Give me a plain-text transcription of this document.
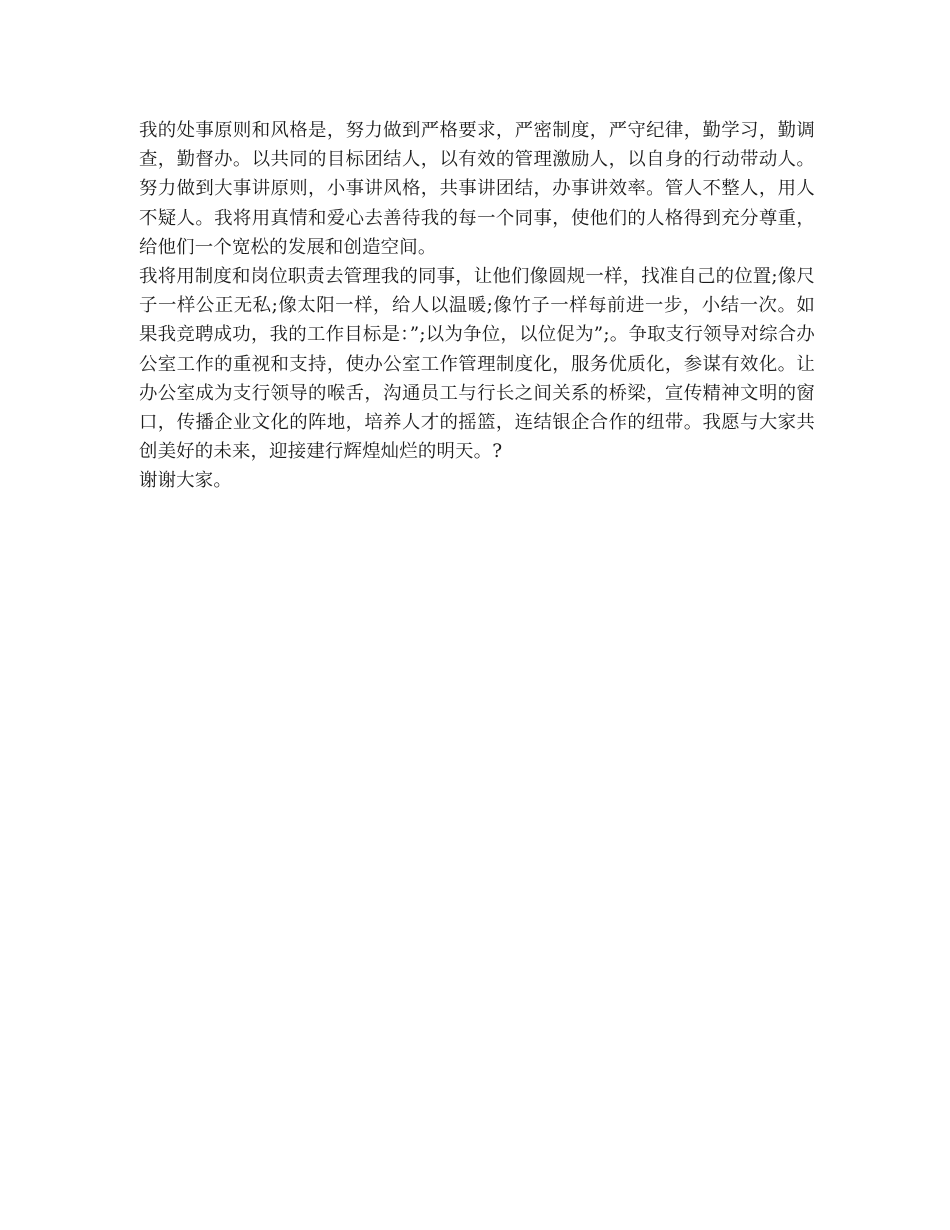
我的处事原则和风格是，努力做到严格要求，严密制度，严守纪律，勤学习，勤调查，勤督办。以共同的目标团结人，以有效的管理激励人，以自身的行动带动人。努力做到大事讲原则，小事讲风格，共事讲团结，办事讲效率。管人不整人，用人不疑人。我将用真情和爱心去善待我的每一个同事，使他们的人格得到充分尊重，给他们一个宽松的发展和创造空间。

我将用制度和岗位职责去管理我的同事，让他们像圆规一样，找准自己的位置;像尺子一样公正无私;像太阳一样，给人以温暖;像竹子一样每前进一步，小结一次。如果我竞聘成功，我的工作目标是：”;以为争位，以位促为”;。争取支行领导对综合办公室工作的重视和支持，使办公室工作管理制度化，服务优质化，参谋有效化。让办公室成为支行领导的喉舌，沟通员工与行长之间关系的桥梁，宣传精神文明的窗口，传播企业文化的阵地，培养人才的摇篮，连结银企合作的纽带。我愿与大家共创美好的未来，迎接建行辉煌灿烂的明天。?

谢谢大家。
